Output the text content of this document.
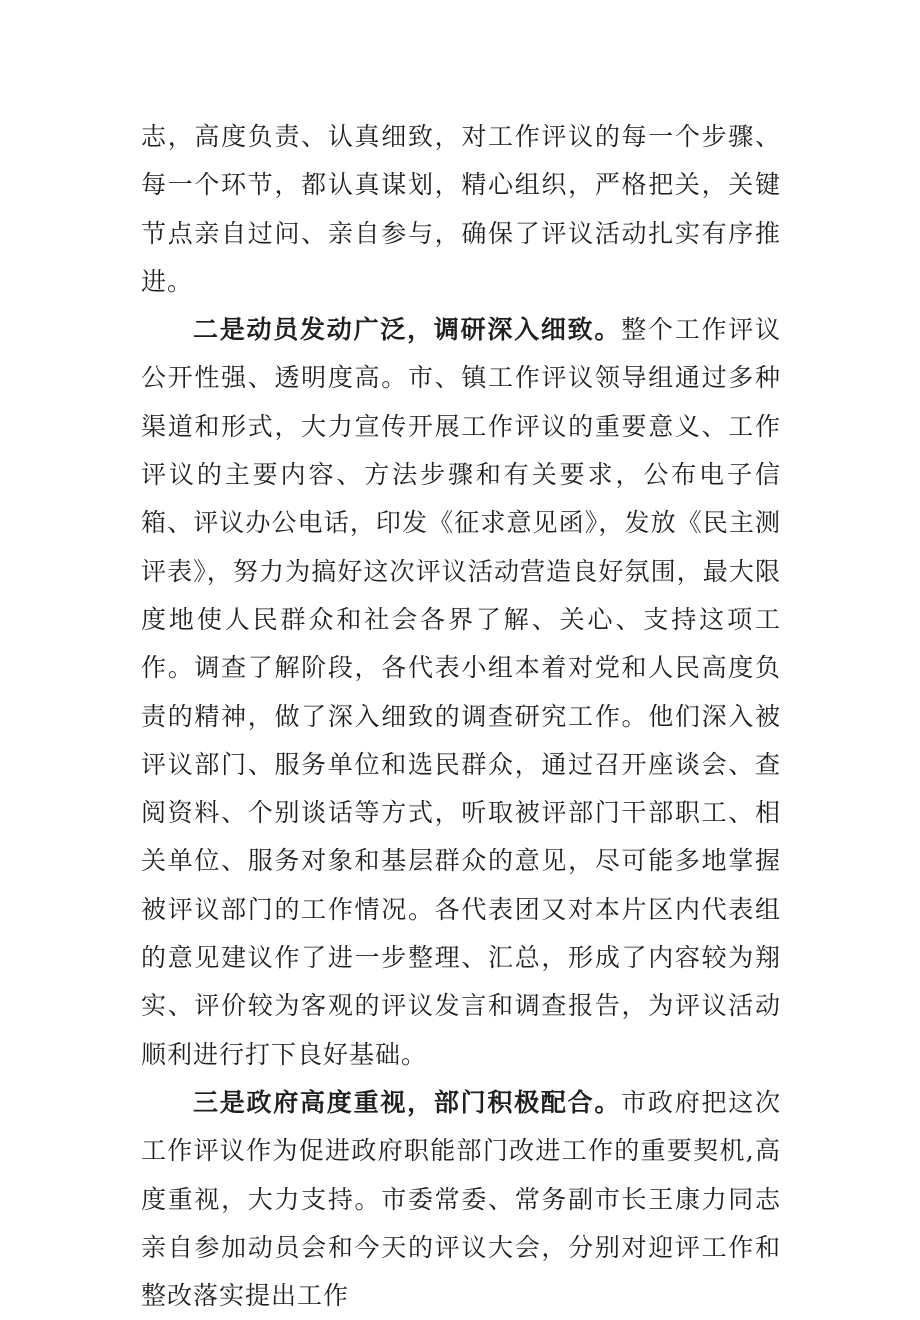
志，高度负责、认真细致，对工作评议的每一个步骤、每一个环节，都认真谋划，精心组织，严格把关，关键节点亲自过问、亲自参与，确保了评议活动扎实有序推进。

二是动员发动广泛，调研深入细致。整个工作评议公开性强、透明度高。市、镇工作评议领导组通过多种渠道和形式，大力宣传开展工作评议的重要意义、工作评议的主要内容、方法步骤和有关要求，公布电子信箱、评议办公电话，印发《征求意见函》，发放《民主测评表》，努力为搞好这次评议活动营造良好氛围，最大限度地使人民群众和社会各界了解、关心、支持这项工作。调查了解阶段，各代表小组本着对党和人民高度负责的精神，做了深入细致的调查研究工作。他们深入被评议部门、服务单位和选民群众，通过召开座谈会、查阅资料、个别谈话等方式，听取被评部门干部职工、相关单位、服务对象和基层群众的意见，尽可能多地掌握被评议部门的工作情况。各代表团又对本片区内代表组的意见建议作了进一步整理、汇总，形成了内容较为翔实、评价较为客观的评议发言和调查报告，为评议活动顺利进行打下良好基础。

三是政府高度重视，部门积极配合。市政府把这次工作评议作为促进政府职能部门改进工作的重要契机,高度重视，大力支持。市委常委、常务副市长王康力同志亲自参加动员会和今天的评议大会，分别对迎评工作和整改落实提出工作
